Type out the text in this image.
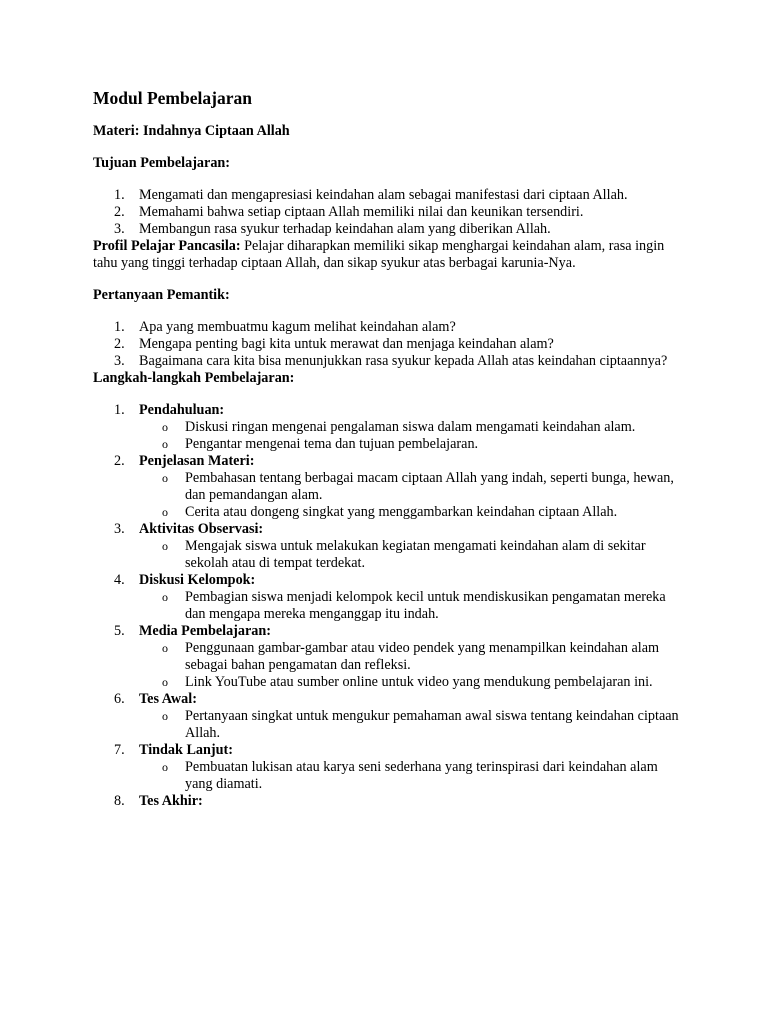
Modul Pembelajaran

Materi: Indahnya Ciptaan Allah

Tujuan Pembelajaran:

1. Mengamati dan mengapresiasi keindahan alam sebagai manifestasi dari ciptaan Allah.
2. Memahami bahwa setiap ciptaan Allah memiliki nilai dan keunikan tersendiri.
3. Membangun rasa syukur terhadap keindahan alam yang diberikan Allah.

Profil Pelajar Pancasila: Pelajar diharapkan memiliki sikap menghargai keindahan alam, rasa ingin tahu yang tinggi terhadap ciptaan Allah, dan sikap syukur atas berbagai karunia-Nya.

Pertanyaan Pemantik:

1. Apa yang membuatmu kagum melihat keindahan alam?
2. Mengapa penting bagi kita untuk merawat dan menjaga keindahan alam?
3. Bagaimana cara kita bisa menunjukkan rasa syukur kepada Allah atas keindahan ciptaannya?

Langkah-langkah Pembelajaran:

1. Pendahuluan:
o Diskusi ringan mengenai pengalaman siswa dalam mengamati keindahan alam.
o Pengantar mengenai tema dan tujuan pembelajaran.
2. Penjelasan Materi:
o Pembahasan tentang berbagai macam ciptaan Allah yang indah, seperti bunga, hewan, dan pemandangan alam.
o Cerita atau dongeng singkat yang menggambarkan keindahan ciptaan Allah.
3. Aktivitas Observasi:
o Mengajak siswa untuk melakukan kegiatan mengamati keindahan alam di sekitar sekolah atau di tempat terdekat.
4. Diskusi Kelompok:
o Pembagian siswa menjadi kelompok kecil untuk mendiskusikan pengamatan mereka dan mengapa mereka menganggap itu indah.
5. Media Pembelajaran:
o Penggunaan gambar-gambar atau video pendek yang menampilkan keindahan alam sebagai bahan pengamatan dan refleksi.
o Link YouTube atau sumber online untuk video yang mendukung pembelajaran ini.
6. Tes Awal:
o Pertanyaan singkat untuk mengukur pemahaman awal siswa tentang keindahan ciptaan Allah.
7. Tindak Lanjut:
o Pembuatan lukisan atau karya seni sederhana yang terinspirasi dari keindahan alam yang diamati.
8. Tes Akhir:
